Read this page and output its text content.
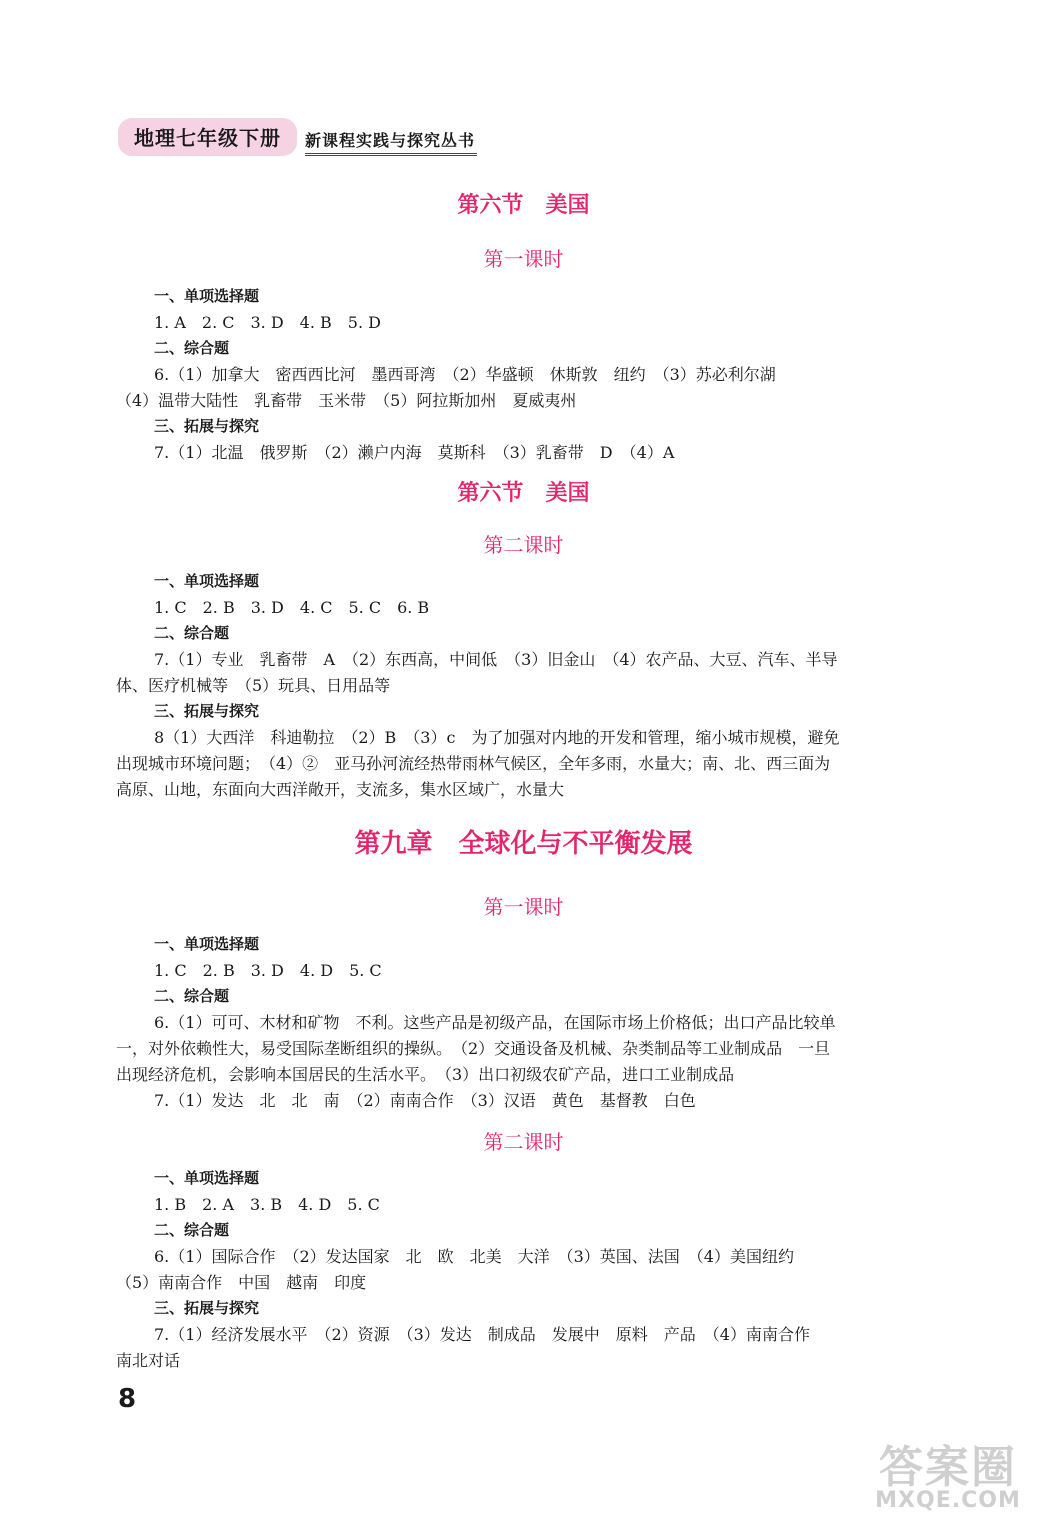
地理七年级下册	新课程实践与探究丛书
第六节　美国
第一课时
一、单项选择题
1. A　2. C　3. D　4. B　5. D
二、综合题
6.（1）加拿大　密西西比河　墨西哥湾　（2）华盛顿　休斯敦　纽约　（3）苏必利尔湖
（4）温带大陆性　乳畜带　玉米带　（5）阿拉斯加州　夏威夷州
三、拓展与探究
7.（1）北温　俄罗斯　（2）濑户内海　莫斯科　（3）乳畜带　D　（4）A
第六节　美国
第二课时
一、单项选择题
1. C　2. B　3. D　4. C　5. C　6. B
二、综合题
7.（1）专业　乳畜带　A　（2）东西高，中间低　（3）旧金山　（4）农产品、大豆、汽车、半导
体、医疗机械等　（5）玩具、日用品等
三、拓展与探究
8（1）大西洋　科迪勒拉　（2）B　（3）c　为了加强对内地的开发和管理，缩小城市规模，避免
出现城市环境问题；　（4）②　亚马孙河流经热带雨林气候区，全年多雨，水量大；南、北、西三面为
高原、山地，东面向大西洋敞开，支流多，集水区域广，水量大
第九章　全球化与不平衡发展
第一课时
一、单项选择题
1. C　2. B　3. D　4. D　5. C
二、综合题
6.（1）可可、木材和矿物　不利。这些产品是初级产品，在国际市场上价格低；出口产品比较单
一，对外依赖性大，易受国际垄断组织的操纵。　（2）交通设备及机械、杂类制品等工业制成品　一旦
出现经济危机，会影响本国居民的生活水平。　（3）出口初级农矿产品，进口工业制成品
7.（1）发达　北　北　南　（2）南南合作　（3）汉语　黄色　基督教　白色
第二课时
一、单项选择题
1. B　2. A　3. B　4. D　5. C
二、综合题
6.（1）国际合作　（2）发达国家　北　欧　北美　大洋　（3）英国、法国　（4）美国纽约
（5）南南合作　中国　越南　印度
三、拓展与探究
7.（1）经济发展水平　（2）资源　（3）发达　制成品　发展中　原料　产品　（4）南南合作
南北对话
8
答案圈
MXQE.COM
